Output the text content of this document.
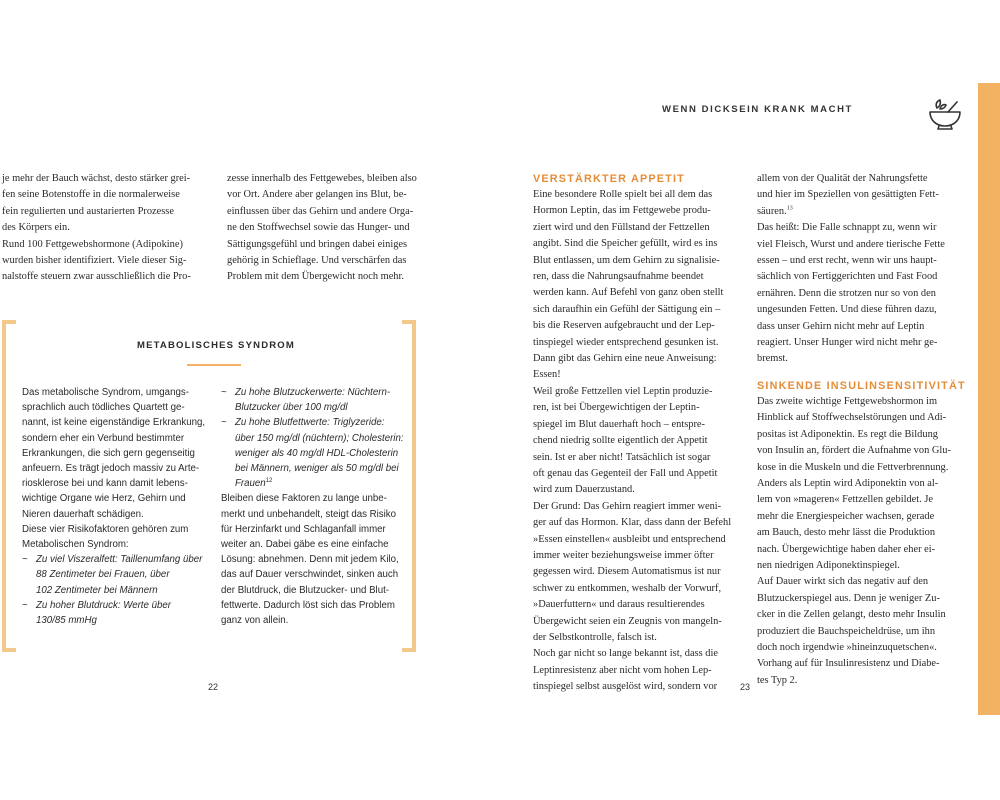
WENN DICKSEIN KRANK MACHT

je mehr der Bauch wächst, desto stärker grei-

fen seine Botenstoffe in die normalerweise

fein regulierten und austarierten Prozesse

des Körpers ein.

Rund 100 Fettgewebshormone (Adipokine)

wurden bisher identifiziert. Viele dieser Sig-

nalstoffe steuern zwar ausschließlich die Pro-

zesse innerhalb des Fettgewebes, bleiben also

vor Ort. Andere aber gelangen ins Blut, be-

einflussen über das Gehirn und andere Orga-

ne den Stoffwechsel sowie das Hunger- und

Sättigungsgefühl und bringen dabei einiges

gehörig in Schieflage. Und verschärfen das

Problem mit dem Übergewicht noch mehr.

METABOLISCHES SYNDROM

Das metabolische Syndrom, umgangs-

sprachlich auch tödliches Quartett ge-

nannt, ist keine eigenständige Erkrankung,

sondern eher ein Verbund bestimmter

Erkrankungen, die sich gern gegenseitig

anfeuern. Es trägt jedoch massiv zu Arte-

riosklerose bei und kann damit lebens-

wichtige Organe wie Herz, Gehirn und

Nieren dauerhaft schädigen.

Diese vier Risikofaktoren gehören zum

Metabolischen Syndrom:

~ Zu viel Viszeralfett: Taillenumfang über
88 Zentimeter bei Frauen, über
102 Zentimeter bei Männern
~ Zu hoher Blutdruck: Werte über
130/85 mmHg
~ Zu hohe Blutzuckerwerte: Nüchtern-
Blutzucker über 100 mg/dl
~ Zu hohe Blutfettwerte: Triglyzeride:
über 150 mg/dl (nüchtern); Cholesterin:
weniger als 40 mg/dl HDL-Cholesterin
bei Männern, weniger als 50 mg/dl bei
Frauen$^{12}$

Bleiben diese Faktoren zu lange unbe-

merkt und unbehandelt, steigt das Risiko

für Herzinfarkt und Schlaganfall immer

weiter an. Dabei gäbe es eine einfache

Lösung: abnehmen. Denn mit jedem Kilo,

das auf Dauer verschwindet, sinken auch

der Blutdruck, die Blutzucker- und Blut-

fettwerte. Dadurch löst sich das Problem

ganz von allein.

22
VERSTÄRKTER APPETIT

Eine besondere Rolle spielt bei all dem das

Hormon Leptin, das im Fettgewebe produ-

ziert wird und den Füllstand der Fettzellen

angibt. Sind die Speicher gefüllt, wird es ins

Blut entlassen, um dem Gehirn zu signalisie-

ren, dass die Nahrungsaufnahme beendet

werden kann. Auf Befehl von ganz oben stellt

sich daraufhin ein Gefühl der Sättigung ein –

bis die Reserven aufgebraucht und der Lep-

tinspiegel wieder entsprechend gesunken ist.

Dann gibt das Gehirn eine neue Anweisung:

Essen!

Weil große Fettzellen viel Leptin produzie-

ren, ist bei Übergewichtigen der Leptin-

spiegel im Blut dauerhaft hoch – entspre-

chend niedrig sollte eigentlich der Appetit

sein. Ist er aber nicht! Tatsächlich ist sogar

oft genau das Gegenteil der Fall und Appetit

wird zum Dauerzustand.

Der Grund: Das Gehirn reagiert immer weni-

ger auf das Hormon. Klar, dass dann der Befehl

»Essen einstellen« ausbleibt und entsprechend

immer weiter beziehungsweise immer öfter

gegessen wird. Diesem Automatismus ist nur

schwer zu entkommen, weshalb der Vorwurf,

»Dauerfuttern« und daraus resultierendes

Übergewicht seien ein Zeugnis von mangeln-

der Selbstkontrolle, falsch ist.

Noch gar nicht so lange bekannt ist, dass die

Leptinresistenz aber nicht vom hohen Lep-

tinspiegel selbst ausgelöst wird, sondern vor

allem von der Qualität der Nahrungsfette

und hier im Speziellen von gesättigten Fett-

säuren.$^{13}$

Das heißt: Die Falle schnappt zu, wenn wir

viel Fleisch, Wurst und andere tierische Fette

essen – und erst recht, wenn wir uns haupt-

sächlich von Fertiggerichten und Fast Food

ernähren. Denn die strotzen nur so von den

ungesunden Fetten. Und diese führen dazu,

dass unser Gehirn nicht mehr auf Leptin

reagiert. Unser Hunger wird nicht mehr ge-

bremst.

SINKENDE INSULINSENSITIVITÄT

Das zweite wichtige Fettgewebshormon im

Hinblick auf Stoffwechselstörungen und Adi-

positas ist Adiponektin. Es regt die Bildung

von Insulin an, fördert die Aufnahme von Glu-

kose in die Muskeln und die Fettverbrennung.

Anders als Leptin wird Adiponektin von al-

lem von »mageren« Fettzellen gebildet. Je

mehr die Energiespeicher wachsen, gerade

am Bauch, desto mehr lässt die Produktion

nach. Übergewichtige haben daher eher ei-

nen niedrigen Adiponektinspiegel.

Auf Dauer wirkt sich das negativ auf den

Blutzuckerspiegel aus. Denn je weniger Zu-

cker in die Zellen gelangt, desto mehr Insulin

produziert die Bauchspeicheldrüse, um ihn

doch noch irgendwie »hineinzuquetschen«.

Vorhang auf für Insulinresistenz und Diabe-

tes Typ 2.

23
